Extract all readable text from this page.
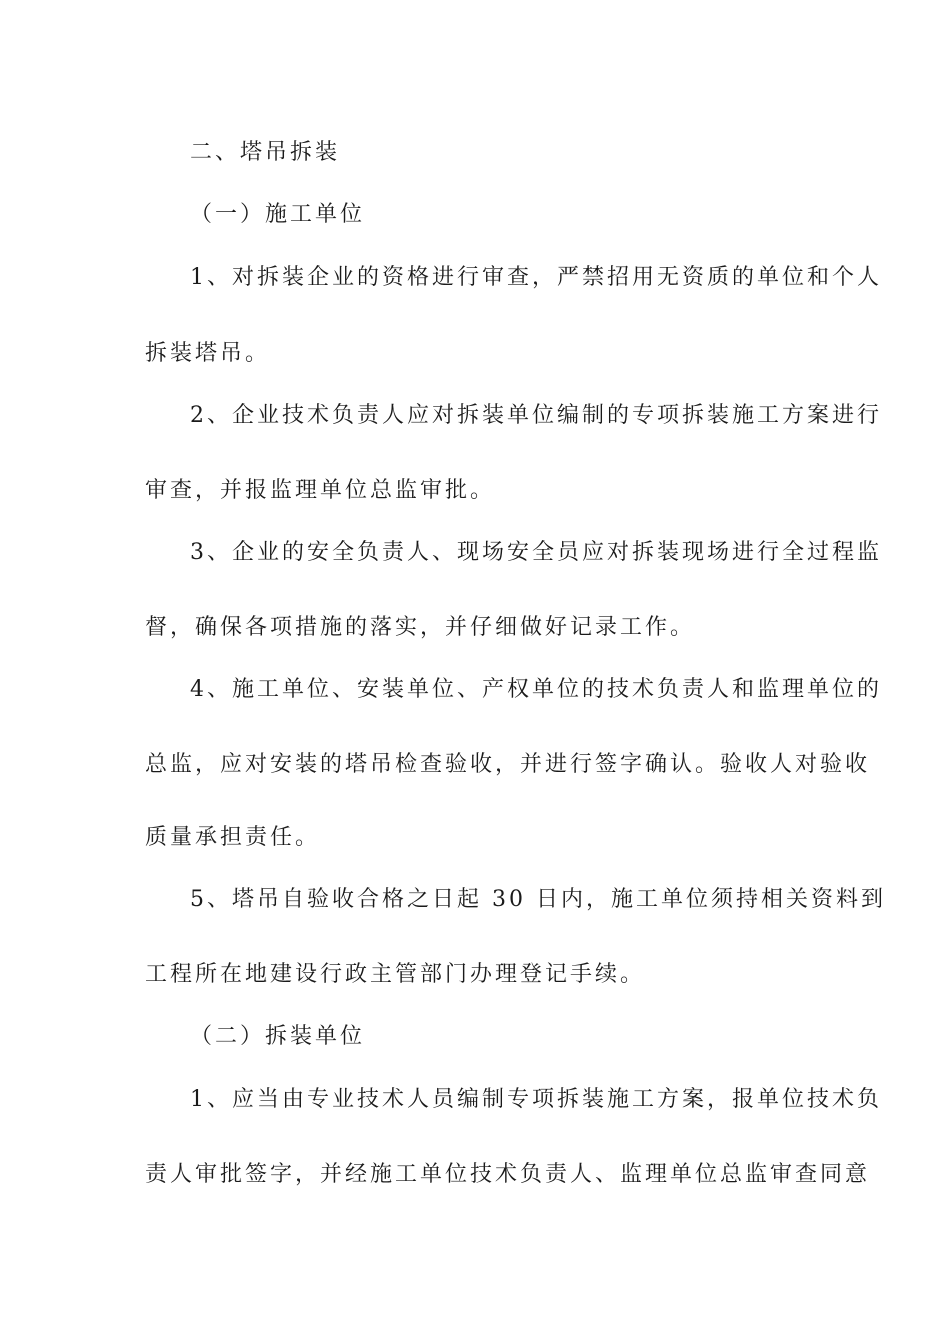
二、塔吊拆装
（一）施工单位
1、对拆装企业的资格进行审查，严禁招用无资质的单位和个人
拆装塔吊。
2、企业技术负责人应对拆装单位编制的专项拆装施工方案进行
审查，并报监理单位总监审批。
3、企业的安全负责人、现场安全员应对拆装现场进行全过程监
督，确保各项措施的落实，并仔细做好记录工作。
4、施工单位、安装单位、产权单位的技术负责人和监理单位的
总监，应对安装的塔吊检查验收，并进行签字确认。验收人对验收
质量承担责任。
5、塔吊自验收合格之日起 30 日内，施工单位须持相关资料到
工程所在地建设行政主管部门办理登记手续。
（二）拆装单位
1、应当由专业技术人员编制专项拆装施工方案，报单位技术负
责人审批签字，并经施工单位技术负责人、监理单位总监审查同意
